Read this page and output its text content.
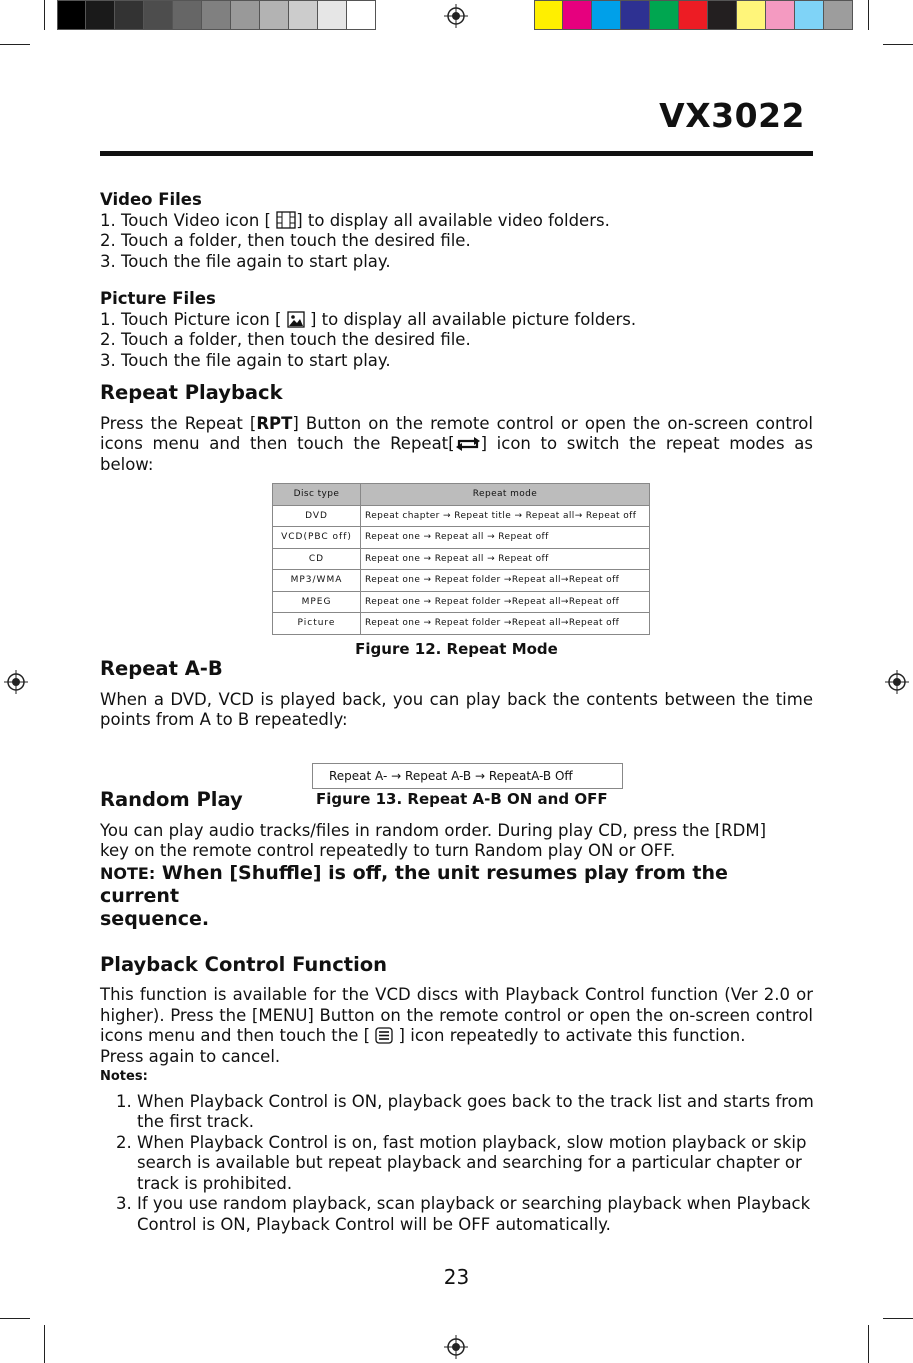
VX3022
Video Files
1. Touch Video icon [ ] to display all available video folders.
2. Touch a folder, then touch the desired file.
3. Touch the file again to start play.
Picture Files
1. Touch Picture icon [  ] to display all available picture folders.
2. Touch a folder, then touch the desired file.
3. Touch the file again to start play.
Repeat Playback
Press the Repeat [RPT] Button on the remote control or open the on-screen control icons menu and then touch the Repeat[ ] icon to switch the repeat modes as below:
Disc type	Repeat mode
DVD	Repeat chapter → Repeat title → Repeat all→ Repeat off
VCD(PBC off)	Repeat one → Repeat all → Repeat off
CD	Repeat one → Repeat all → Repeat off
MP3/WMA	Repeat one → Repeat folder →Repeat all→Repeat off
MPEG	Repeat one → Repeat folder →Repeat all→Repeat off
Picture	Repeat one → Repeat folder →Repeat all→Repeat off
Figure 12. Repeat Mode
Repeat A-B
When a DVD, VCD is played back, you can play back the contents between the time points from A to B repeatedly:
Repeat A- → Repeat A-B → RepeatA-B Off
Figure 13. Repeat A-B ON and OFF
Random Play
You can play audio tracks/files in random order. During play CD, press the [RDM]
key on the remote control repeatedly to turn Random play ON or OFF.
NOTE: When [Shuffle] is off, the unit resumes play from the current
sequence.
Playback Control Function
This function is available for the VCD discs with Playback Control function (Ver 2.0 or higher). Press the [MENU] Button on the remote control or open the on-screen control icons menu and then touch the [  ] icon repeatedly to activate this function.
Press again to cancel.
Notes:
1. When Playback Control is ON, playback goes back to the track list and starts from the first track.
2. When Playback Control is on, fast motion playback, slow motion playback or skip search is available but repeat playback and searching for a particular chapter or track is prohibited.
3. If you use random playback, scan playback or searching playback when Playback Control is ON, Playback Control will be OFF automatically.
23
